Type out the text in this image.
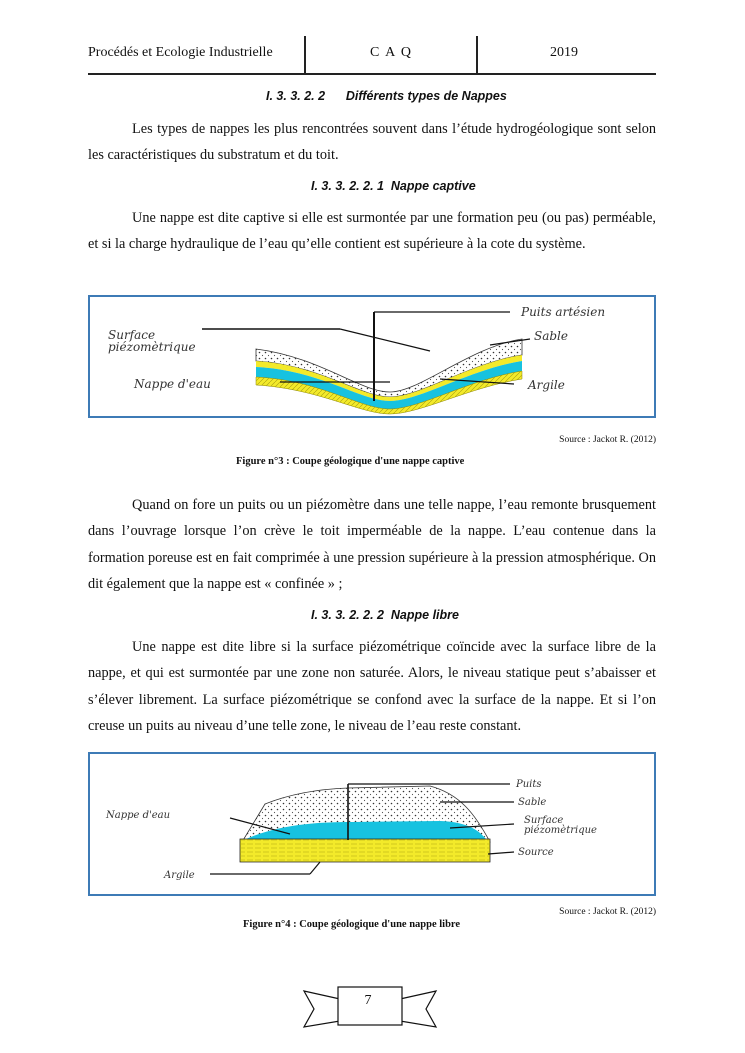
Procédés et Ecologie Industrielle	C A Q	2019
I. 3. 3. 2. 2      Différents types de Nappes

Les types de nappes les plus rencontrées souvent dans l’étude hydrogéologique sont selon les caractéristiques du substratum et du toit.

I. 3. 3. 2. 2. 1  Nappe captive

Une nappe est dite captive si elle est surmontée par une formation peu (ou pas) perméable, et si la charge hydraulique de l’eau qu’elle contient est supérieure à la cote du système.

Surface
piézomètrique
Nappe d'eau
Puits artésien
Sable
Argile
Source : Jackot R. (2012)
Figure n°3 : Coupe géologique d'une nappe captive

Quand on fore un puits ou un piézomètre dans une telle nappe, l’eau remonte brusquement dans l’ouvrage lorsque l’on crève le toit imperméable de la nappe. L’eau contenue dans la formation poreuse est en fait comprimée à une pression supérieure à la pression atmosphérique. On dit également que la nappe est « confinée » ;

I. 3. 3. 2. 2. 2  Nappe libre

Une nappe est dite libre si la surface piézométrique coïncide avec la surface libre de la nappe, et qui est surmontée par une zone non saturée. Alors, le niveau statique peut s’abaisser et s’élever librement. La surface piézométrique se confond avec la surface de la nappe. Et si l’on creuse un puits au niveau d’une telle zone, le niveau de l’eau reste constant.

Puits
Sable
Surface
piézomètrique
Source
Nappe d'eau
Argile
Source : Jackot R. (2012)
Figure n°4 : Coupe géologique d'une nappe libre
7
